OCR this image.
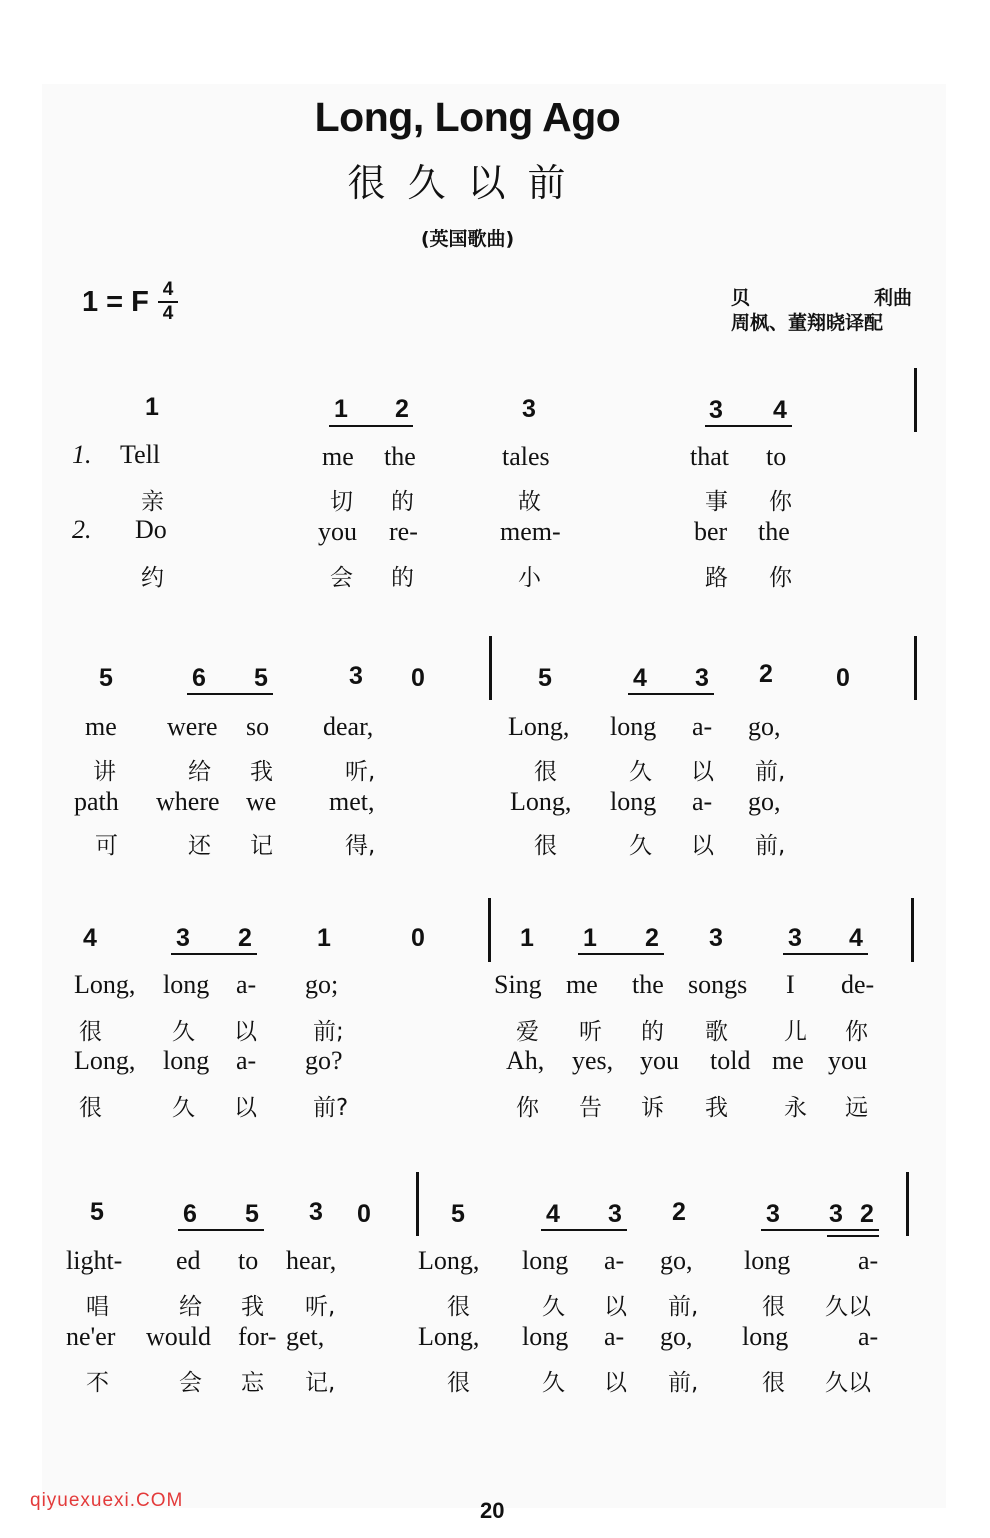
Long, Long Ago
很久以前
(英国歌曲)
1 = F 4
4
贝	利曲
周枫、董翔晓译配
1	1 2	3	3 4
1. Tell	me the	tales	that to
亲	切 的	故	事 你
2. Do	you re-	mem-	ber the
约	会 的	小	路 你
5	6 5	3 0	5	4 3 2	0
me were so dear,	Long, long a- go,
讲	给 我	听,	很	久 以 前,
path where we met,	Long, long a- go,
可	还 记	得,	很	久 以 前,
4	3 2	1	0	1 1 2 3	3 4
Long, long a- go;	Sing me the songs I de-
很	久 以 前;	爱 听 的 歌 儿 你
Long, long a- go?	Ah, yes, you told me you
很	久 以 前?	你 告 诉 我 永 远
5	6 5 3 0	5	4 3 2	3 3 2
light- ed to hear,	Long, long a- go, long	a-
唱	给 我 听,	很	久 以 前,	很 久以
ne'er would for- get,	Long, long a- go, long	a-
不	会 忘 记,	很	久 以 前,	很 久以
20
qiyuexuexi.COM
